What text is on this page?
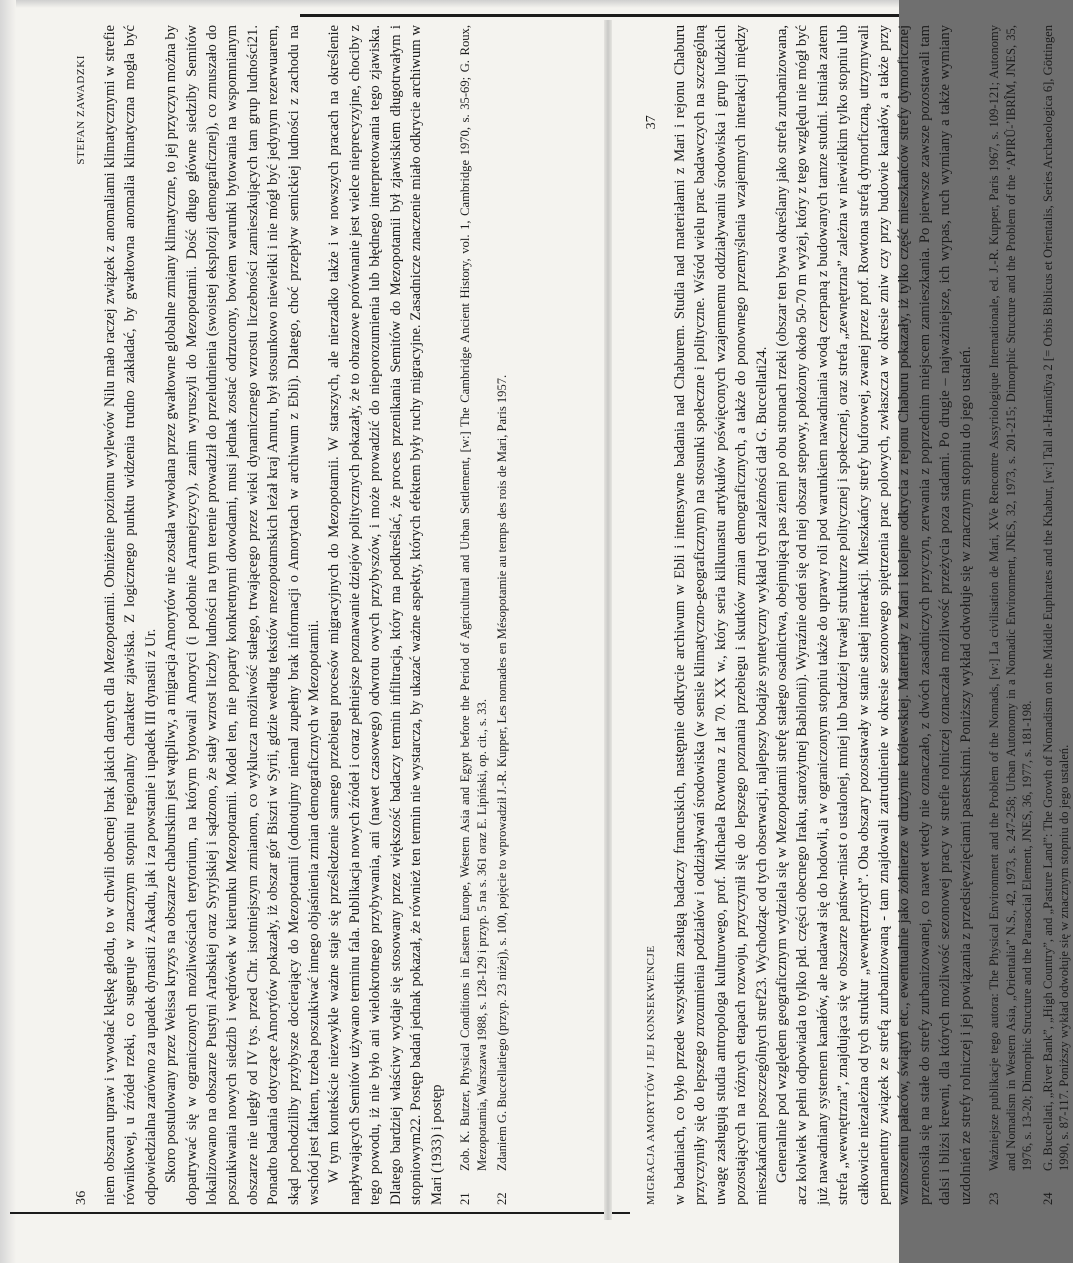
36
STEFAN ZAWADZKI niem obszaru upraw i wywołać klęskę głodu, to w chwili obecnej brak jakich danych dla Mezopotamii. Obniżenie poziomu wylewów Nilu mało raczej związek z anomaliami klimatycznymi w strefie równikowej, u źródeł rzeki, co sugeruje w znacznym stopniu regionalny charakter zjawiska. Z logicznego punktu widzenia trudno zakładać, by gwałtowna anomalia klimatyczna mogła być odpowiedzialna zarówno za upadek dynastii z Akadu, jak i za powstanie i upadek III dynastii z Ur. Skoro postulowany przez Weissa kryzys na obszarze chaburskim jest wątpliwy, a migracja Amorytów nie została wywołana przez gwałtowne globalne zmiany klimatyczne, to jej przyczyn można by dopatrywać się w ograniczonych możliwościach terytorium, na którym bytowali Amoryci (i podobnie Aramejczycy), zanim wyruszyli do Mezopotamii. Dość długo główne siedziby Semitów lokalizowano na obszarze Pustyni Arabskiej oraz Syryjskiej i sądzono, że stały wzrost liczby ludności na tym terenie prowadził do przeludnienia (swoistej eksplozji demograficznej), co zmuszało do poszukiwania nowych siedzib i wędrówek w kierunku Mezopotamii. Model ten, nie poparty konkretnymi dowodami, musi jednak zostać odrzucony, bowiem warunki bytowania na wspomnianym obszarze nie uległy od IV tys. przed Chr. istotniejszym zmianom, co wyklucza możliwość stałego, trwającego przez wieki dynamicznego wzrostu liczebności zamieszkujących tam grup ludności21. Ponadto badania dotyczące Amorytów pokazały, iż obszar gór Biszri w Syrii, gdzie według tekstów mezopotamskich leżał kraj Amuru, był stosunkowo niewielki i nie mógł być jedynym rezerwuarem, skąd pochodziliby przybysze docierający do Mezopotamii (odnotujmy niemal zupełny brak informacji o Amorytach w archiwum z Ebli). Dlatego, choć przepływ semickiej ludności z zachodu na wschód jest faktem, trzeba poszukiwać innego objaśnienia zmian demograficznych w Mezopotamii. W tym kontekście niezwykle ważne staje się prześledzenie samego przebiegu procesów migracyjnych do Mezopotamii. W starszych, ale nierzadko także i w nowszych pracach na określenie napływających Semitów używano terminu fala. Publikacja nowych źródeł i coraz pełniejsze poznawanie dziejów politycznych pokazały, że to obrazowe porównanie jest wielce nieprecyzyjne, chociby z tego powodu, iż nie było ani wielokrotnego przybywania, ani (nawet czasowego) odwrotu owych przybyszów, i może prowadzić do nieporozumienia lub błędnego interpretowania tego zjawiska. Dlatego bardziej właściwy wydaje się stosowany przez większość badaczy termin infiltracja, który ma podkreślać, że proces przenikania Semitów do Mezopotamii był zjawiskiem długotrwałym i stopniowym22. Postęp badań jednak pokazał, że również ten termin nie wystarcza, by ukazać ważne aspekty, których efektem były ruchy migracyjne. Zasadnicze znaczenie miało odkrycie archiwum w Mari (1933) i postęp 21
Zob. K. Butzer, Physical Conditions in Eastern Europe, Western Asia and Egypt before the Period of Agricultural and Urban Settlement, [w:] The Cambridge Ancient History, vol. 1, Cambridge 1970, s. 35-69; G. Roux, Mezopotamia, Warszawa 1988, s. 128-129 i przyp. 5 na s. 361 oraz E. Lipiński, op. cit., s. 33.
22
Zdaniem G. Buccellatiego (przyp. 23 niżej), s. 100, pojęcie to wprowadził J.-R. Kupper, Les nomades en Mésopotamie au temps des rois de Mari, Paris 1957.	MIGRACJA AMORYTÓW I JEJ KONSEKWENCJE
37 w badaniach, co było przede wszystkim zasługą badaczy francuskich, następnie odkrycie archiwum w Ebli i intensywne badania nad Chaburem. Studia nad materiałami z Mari i rejonu Chaburu przyczyniły się do lepszego zrozumienia podziałów i oddziaływań środowiska (w sensie klimatyczno-geograficznym) na stosunki społeczne i polityczne. Wśród wielu prac badawczych na szczególną uwagę zasługują studia antropologa kulturowego, prof. Michaela Rowtona z lat 70. XX w., który seria kilkunastu artykułów poświęconych wzajemnemu oddziaływaniu środowiska i grup ludzkich pozostających na różnych etapach rozwoju, przyczynił się do lepszego poznania przebiegu i skutków zmian demograficznych, a także do ponownego przemyślenia wzajemnych interakcji między mieszkańcami poszczególnych stref23. Wychodząc od tych obserwacji, najlepszy bodajże syntetyczny wykład tych zależności dał G. Buccellati24. Generalnie pod względem geograficznym wydziela się w Mezopotamii strefę stałego osadnictwa, obejmującą pas ziemi po obu stronach rzeki (obszar ten bywa określany jako strefa zurbanizowana, acz kolwiek w pełni odpowiada to tylko płd. części obecnego Iraku, starożytnej Babilonii). Wyraźnie odeń się od niej obszar stepowy, położony około 50-70 m wyżej, który z tego względu nie mógł być już nawadniany systemem kanałów, ale nadawał się do hodowli, a w ograniczonym stopniu także do uprawy roli pod warunkiem nawadniania wodą czerpaną z budowanych tamze studni. Istniała zatem strefa „wewnętrzna”, znajdująca się w obszarze państw-miast o ustalonej, mniej lub bardziej trwałej strukturze politycznej i społecznej, oraz strefa „zewnętrzna” zależna w niewielkim tylko stopniu lub całkowicie niezależna od tych struktur „wewnętrznych”. Oba obszary pozostawały w stanie stałej interakcji. Mieszkańcy strefy buforowej, zwanej przez prof. Rowtona strefą dymorficzną, utrzymywali permanentny związek ze strefą zurbanizowaną - tam znajdowali zatrudnienie w okresie sezonowego spiętrzenia prac polowych, zwłaszcza w okresie zniw czy przy budowie kanałów, a także przy wznoszeniu pałaców, świątyń etc., ewentualnie jako żołnierze w drużynie królewskiej. Materiały z Mari i kolejne odkrycia z rejonu Chaburu pokazały, iż tylko część mieszkańców strefy dymorficznej przenosiła się na stałe do strefy zurbanizowanej, co nawet wtedy nie oznaczało, z dwóch zasadniczych przyczyn, zerwania z poprzednim miejscem zamieszkania. Po pierwsze zawsze pozostawali tam dalsi i bliżsi krewni, dla których możliwość sezonowej pracy w strefie rolniczej oznaczała możliwość przeżycia poza stadami. Po drugie – najważniejsze, ich wypas, ruch wymiany a także wymiany uzdolnień ze strefy rolniczej i jej powiązania z przedsięwzięciami pasterskimi. Poniższy wykład odwołuje się w znacznym stopniu do jego ustaleń. 23
Ważniejsze publikacje tego autora: The Physical Environment and the Problem of the Nomads, [w:] La civilisation de Mari, XVe Rencontre Assyriologique Internationale, ed. J.-R. Kupper, Paris 1967, s. 109-121; Autonomy and Nomadism in Western Asia, „Orientalia” N.S., 42, 1973, s. 247-258; Urban Autonomy in a Nomadic Environment, JNES, 32, 1973, s. 201-215; Dimorphic Structure and the Problem of the ‘APIRÛ-’IBRÎM, JNES, 35, 1976, s. 13-20; Dimorphic Structure and the Parasocial Element, JNES, 36, 1977, s. 181-198.
24
G. Buccellati, „River Bank”, „High Country”, and „Pasture Land”: The Growth of Nomadism on the Middle Euphrates and the Khabur, [w:] Tall al-Hamīdīya 2 [= Orbis Biblicus et Orientalis, Series Archaeologica 6], Göttingen 1990, s. 87-117. Poniższy wykład odwołuje się w znacznym stopniu do jego ustaleń.
